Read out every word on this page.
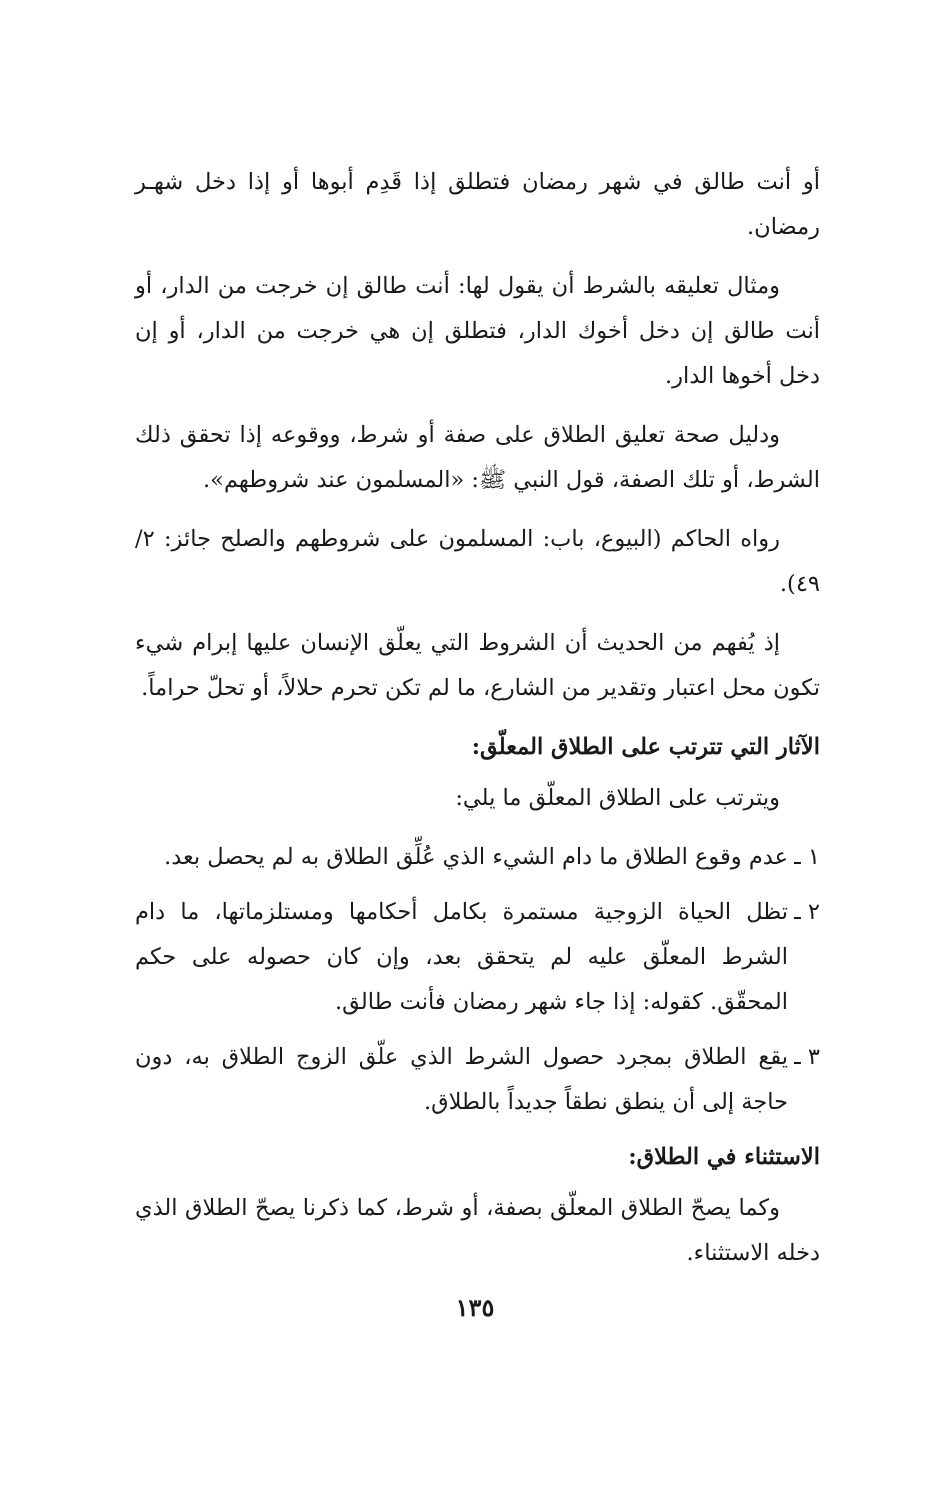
أو أنت طالق في شهر رمضان فتطلق إذا قَدِم أبوها أو إذا دخل شهـر رمضان.

ومثال تعليقه بالشرط أن يقول لها: أنت طالق إن خرجت من الدار، أو أنت طالق إن دخل أخوك الدار، فتطلق إن هي خرجت من الدار، أو إن دخل أخوها الدار.

ودليل صحة تعليق الطلاق على صفة أو شرط، ووقوعه إذا تحقق ذلك الشرط، أو تلك الصفة، قول النبي ﷺ: «المسلمون عند شروطهم».

رواه الحاكم (البيوع، باب: المسلمون على شروطهم والصلح جائز: ٢/ ٤٩).

إذ يُفهم من الحديث أن الشروط التي يعلّق الإنسان عليها إبرام شيء تكون محل اعتبار وتقدير من الشارع، ما لم تكن تحرم حلالاً، أو تحلّ حراماً.

الآثار التي تترتب على الطلاق المعلّق:

ويترتب على الطلاق المعلّق ما يلي:

١ ـ
عدم وقوع الطلاق ما دام الشيء الذي عُلِّق الطلاق به لم يحصل بعد.
٢ ـ
تظل الحياة الزوجية مستمرة بكامل أحكامها ومستلزماتها، ما دام الشرط المعلّق عليه لم يتحقق بعد، وإن كان حصوله على حكم المحقّق. كقوله: إذا جاء شهر رمضان فأنت طالق.
٣ ـ
يقع الطلاق بمجرد حصول الشرط الذي علّق الزوج الطلاق به، دون حاجة إلى أن ينطق نطقاً جديداً بالطلاق.

الاستثناء في الطلاق:

وكما يصحّ الطلاق المعلّق بصفة، أو شرط، كما ذكرنا يصحّ الطلاق الذي دخله الاستثناء.

١٣٥
